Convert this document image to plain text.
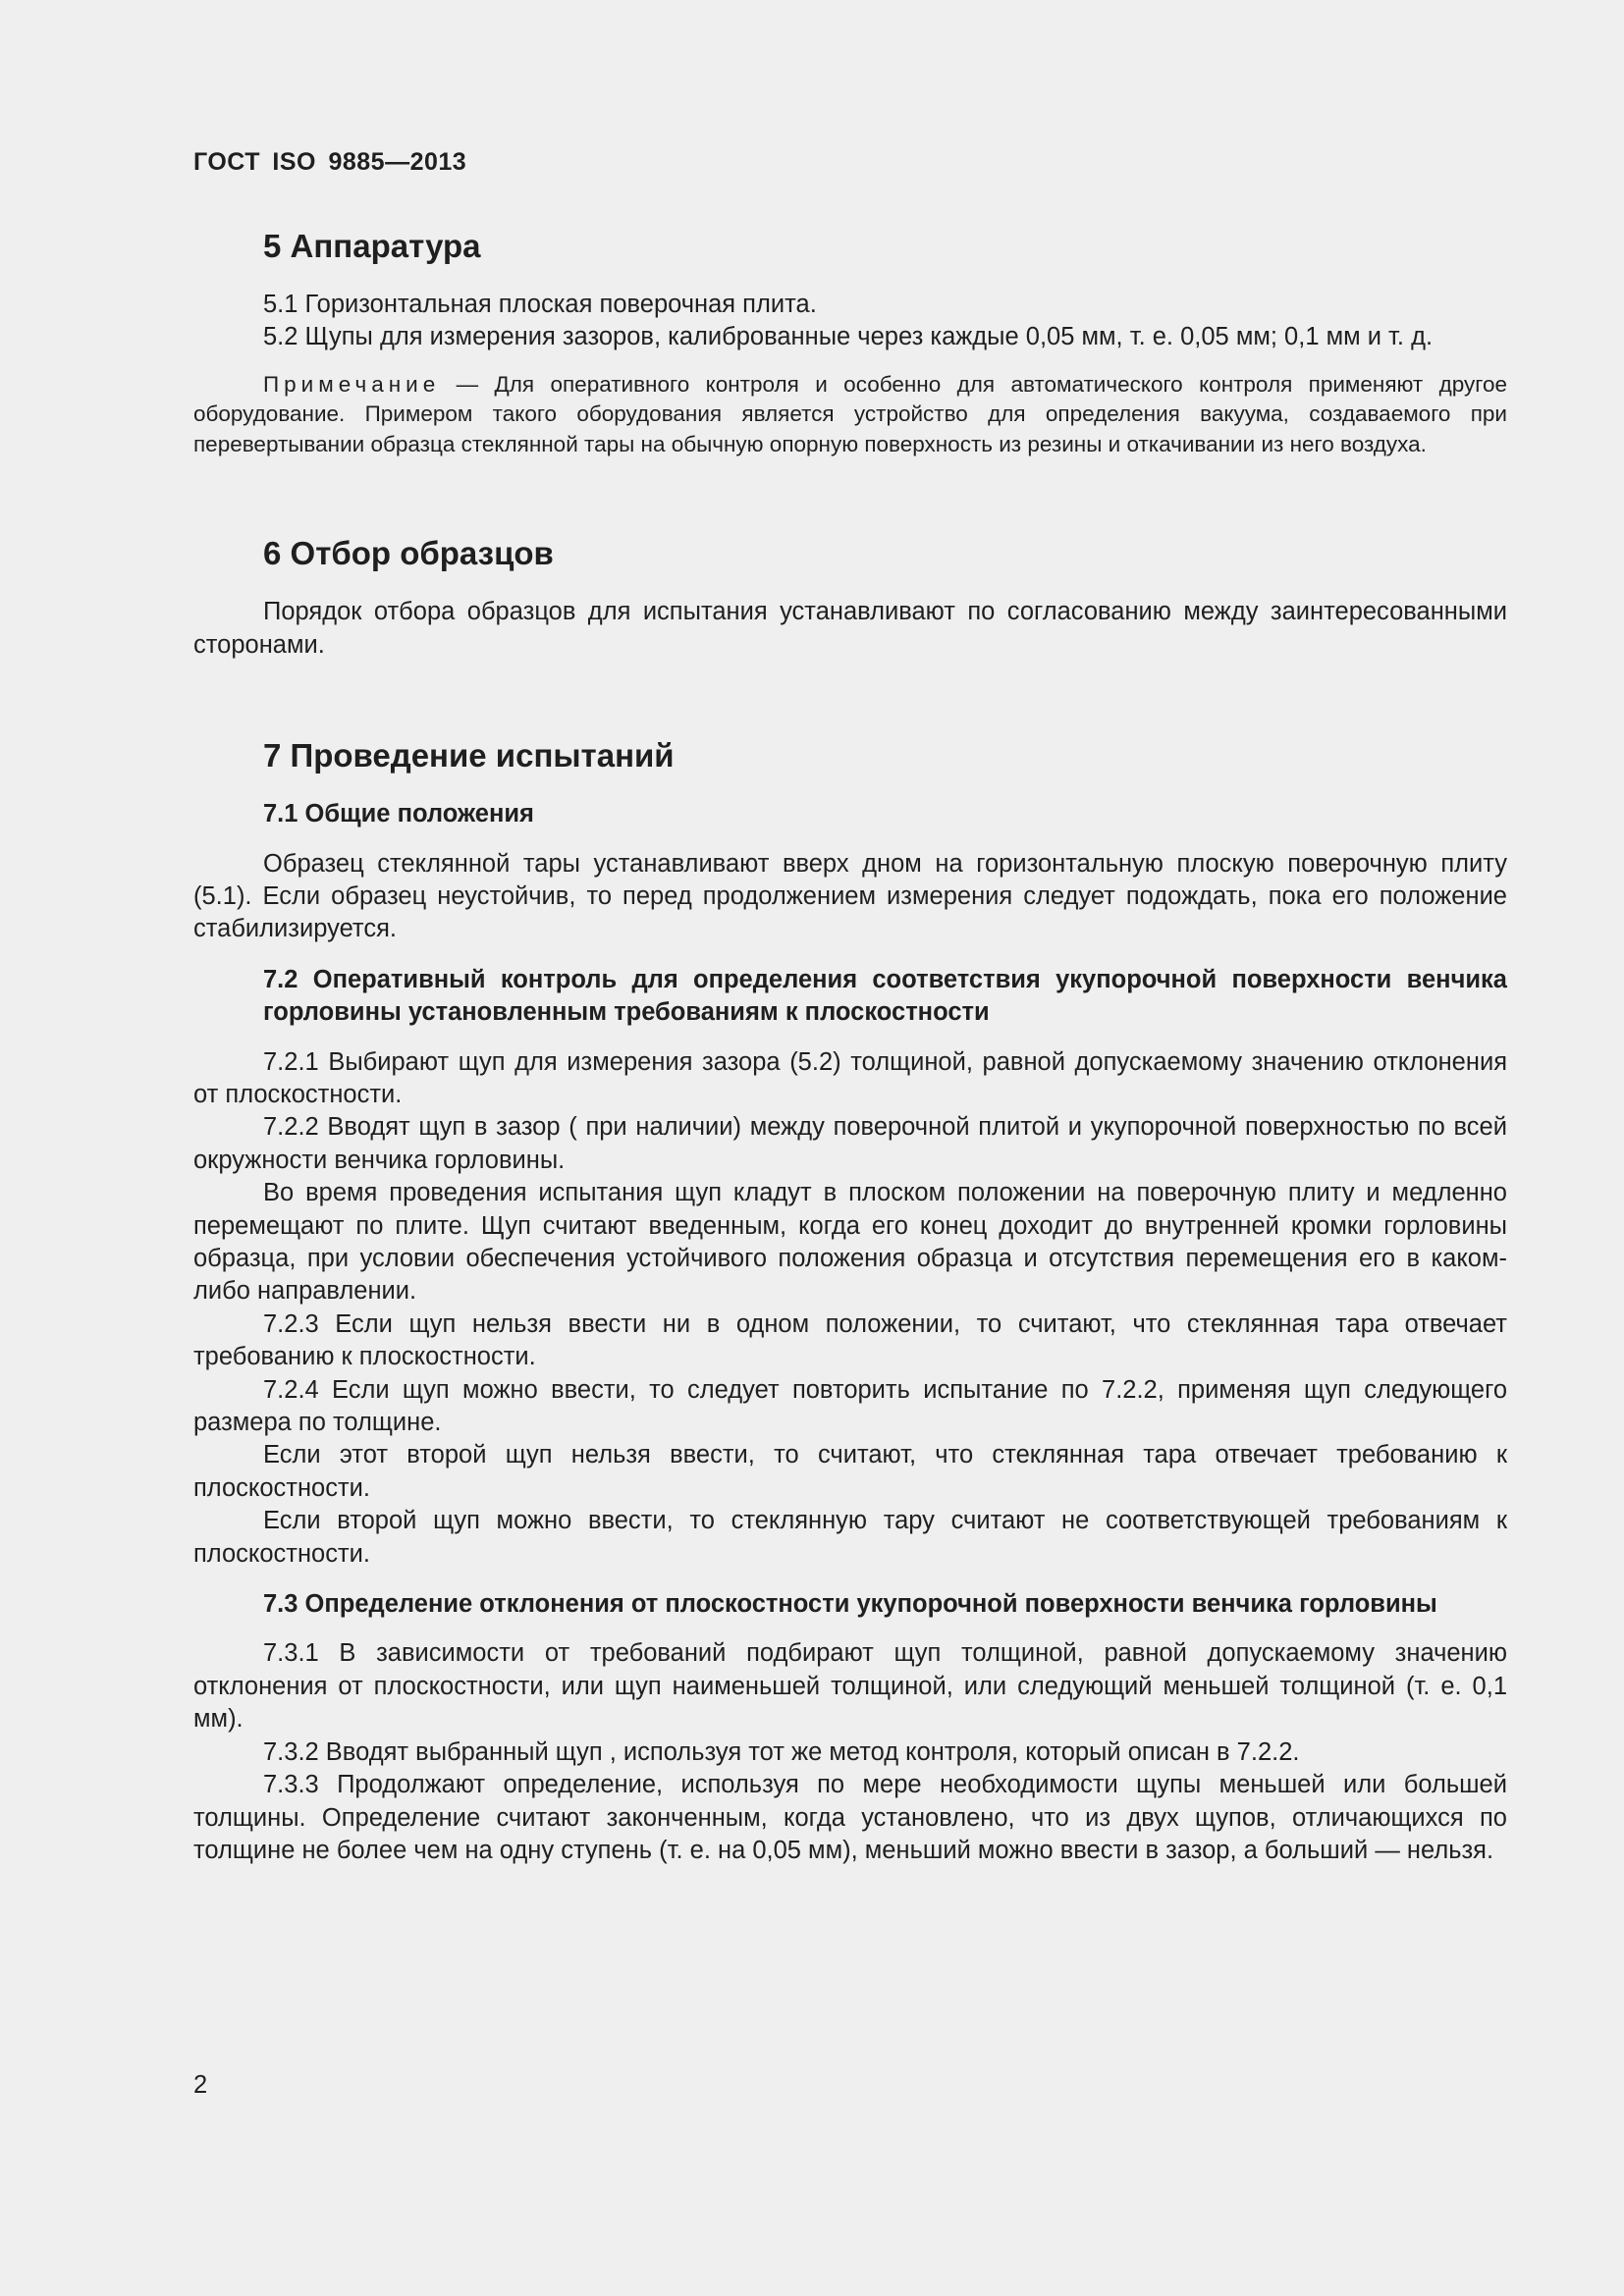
ГОСТ ISO 9885—2013
5 Аппаратура

5.1 Горизонтальная плоская поверочная плита.

5.2 Щупы для измерения зазоров, калиброванные через каждые 0,05 мм, т. е. 0,05 мм; 0,1 мм и т. д.

Примечание — Для оперативного контроля и особенно для автоматического контроля применяют другое оборудование. Примером такого оборудования является устройство для определения вакуума, создаваемого при перевертывании образца стеклянной тары на обычную опорную поверхность из резины и откачивании из него воздуха.

6 Отбор образцов

Порядок отбора образцов для испытания устанавливают по согласованию между заинтересованными сторонами.

7 Проведение испытаний
7.1 Общие положения

Образец стеклянной тары устанавливают вверх дном на горизонтальную плоскую поверочную плиту (5.1). Если образец неустойчив, то перед продолжением измерения следует подождать, пока его положение стабилизируется.

7.2 Оперативный контроль для определения соответствия укупорочной поверхности венчика горловины установленным требованиям к плоскостности

7.2.1 Выбирают щуп для измерения зазора (5.2) толщиной, равной допускаемому значению отклонения от плоскостности.

7.2.2 Вводят щуп в зазор ( при наличии) между поверочной плитой и укупорочной поверхностью по всей окружности венчика горловины.

Во время проведения испытания щуп кладут в плоском положении на поверочную плиту и медленно перемещают по плите. Щуп считают введенным, когда его конец доходит до внутренней кромки горловины образца, при условии обеспечения устойчивого положения образца и отсутствия перемещения его в каком-либо направлении.

7.2.3 Если щуп нельзя ввести ни в одном положении, то считают, что стеклянная тара отвечает требованию к плоскостности.

7.2.4 Если щуп можно ввести, то следует повторить испытание по 7.2.2, применяя щуп следующего размера по толщине.

Если этот второй щуп нельзя ввести, то считают, что стеклянная тара отвечает требованию к плоскостности.

Если второй щуп можно ввести, то стеклянную тару считают не соответствующей требованиям к плоскостности.

7.3 Определение отклонения от плоскостности укупорочной поверхности венчика горловины

7.3.1 В зависимости от требований подбирают щуп толщиной, равной допускаемому значению отклонения от плоскостности, или щуп наименьшей толщиной, или следующий меньшей толщиной (т. е. 0,1 мм).

7.3.2 Вводят выбранный щуп , используя тот же метод контроля, который описан в 7.2.2.

7.3.3 Продолжают определение, используя по мере необходимости щупы меньшей или большей толщины. Определение считают законченным, когда установлено, что из двух щупов, отличающихся по толщине не более чем на одну ступень (т. е. на 0,05 мм), меньший можно ввести в зазор, а больший — нельзя.

2
